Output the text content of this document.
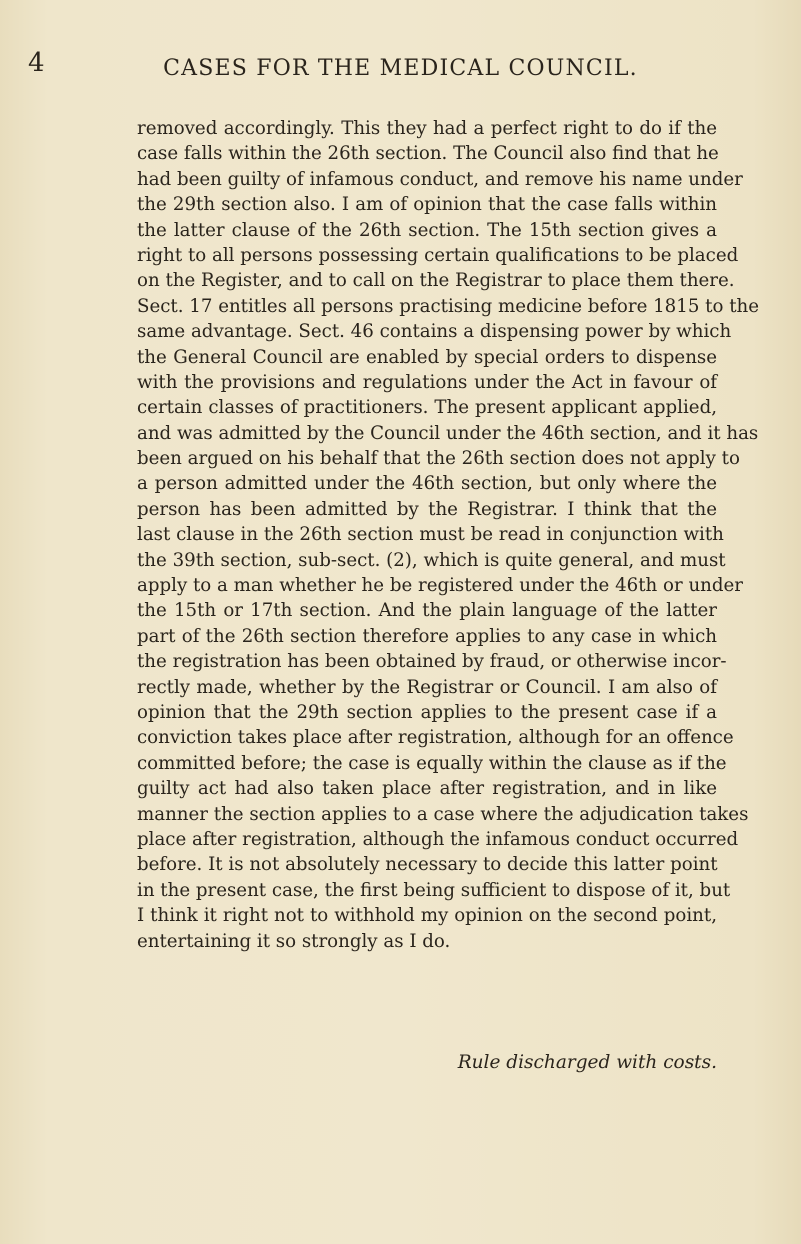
4	CASES FOR THE MEDICAL COUNCIL.
removed accordingly. This they had a perfect right to do if the
case falls within the 26th section. The Council also find that he
had been guilty of infamous conduct, and remove his name under
the 29th section also. I am of opinion that the case falls within
the latter clause of the 26th section. The 15th section gives a
right to all persons possessing certain qualifications to be placed
on the Register, and to call on the Registrar to place them there.
Sect. 17 entitles all persons practising medicine before 1815 to the
same advantage. Sect. 46 contains a dispensing power by which
the General Council are enabled by special orders to dispense
with the provisions and regulations under the Act in favour of
certain classes of practitioners. The present applicant applied,
and was admitted by the Council under the 46th section, and it has
been argued on his behalf that the 26th section does not apply to
a person admitted under the 46th section, but only where the
person has been admitted by the Registrar. I think that the
last clause in the 26th section must be read in conjunction with
the 39th section, sub-sect. (2), which is quite general, and must
apply to a man whether he be registered under the 46th or under
the 15th or 17th section. And the plain language of the latter
part of the 26th section therefore applies to any case in which
the registration has been obtained by fraud, or otherwise incor-
rectly made, whether by the Registrar or Council. I am also of
opinion that the 29th section applies to the present case if a
conviction takes place after registration, although for an offence
committed before; the case is equally within the clause as if the
guilty act had also taken place after registration, and in like
manner the section applies to a case where the adjudication takes
place after registration, although the infamous conduct occurred
before. It is not absolutely necessary to decide this latter point
in the present case, the first being sufficient to dispose of it, but
I think it right not to withhold my opinion on the second point,
entertaining it so strongly as I do.
Rule discharged with costs.
